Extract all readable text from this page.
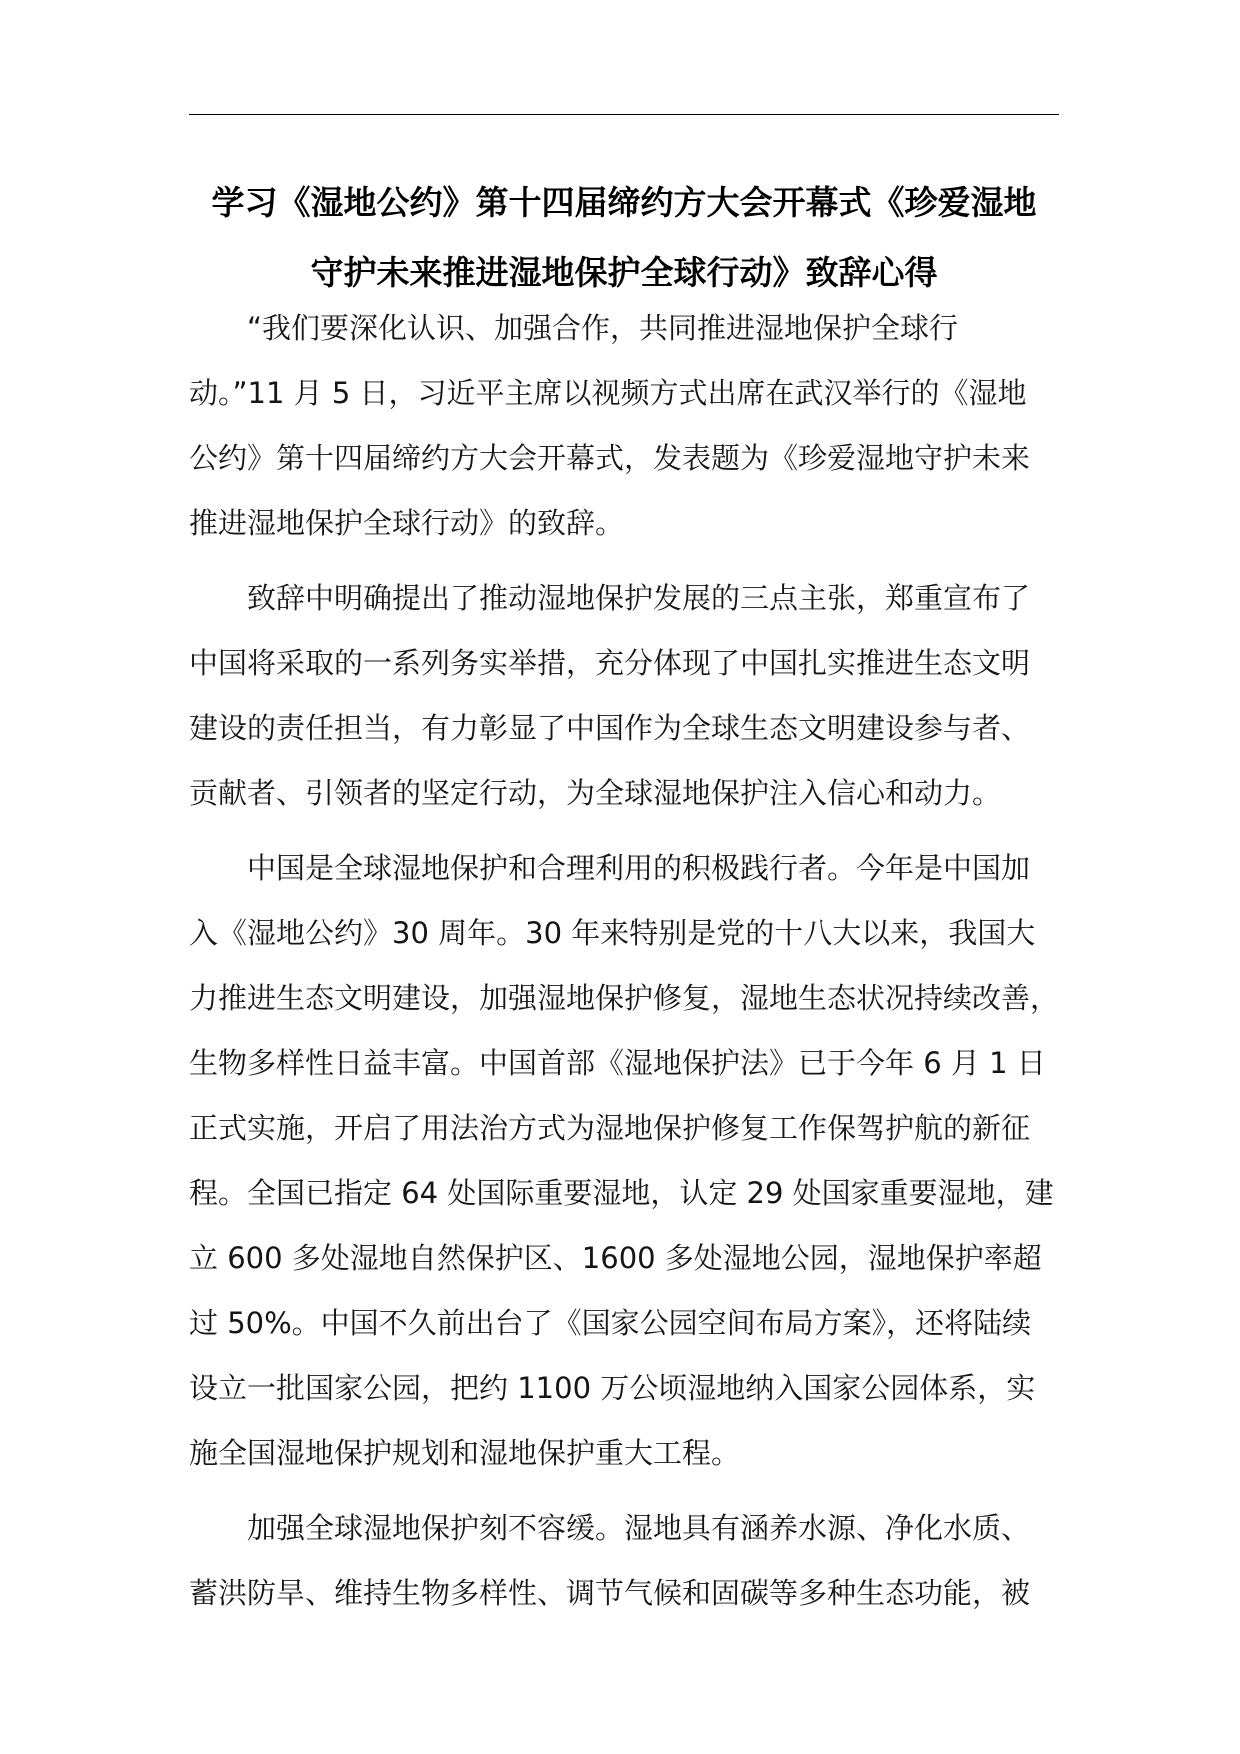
学习《湿地公约》第十四届缔约方大会开幕式《珍爱湿地
守护未来推进湿地保护全球行动》致辞心得
“我们要深化认识、加强合作，共同推进湿地保护全球行
动。”11 月 5 日，习近平主席以视频方式出席在武汉举行的《湿地
公约》第十四届缔约方大会开幕式，发表题为《珍爱湿地守护未来
推进湿地保护全球行动》的致辞。
致辞中明确提出了推动湿地保护发展的三点主张，郑重宣布了
中国将采取的一系列务实举措，充分体现了中国扎实推进生态文明
建设的责任担当，有力彰显了中国作为全球生态文明建设参与者、
贡献者、引领者的坚定行动，为全球湿地保护注入信心和动力。
中国是全球湿地保护和合理利用的积极践行者。今年是中国加
入《湿地公约》30 周年。30 年来特别是党的十八大以来，我国大
力推进生态文明建设，加强湿地保护修复，湿地生态状况持续改善，
生物多样性日益丰富。中国首部《湿地保护法》已于今年 6 月 1 日
正式实施，开启了用法治方式为湿地保护修复工作保驾护航的新征
程。全国已指定 64 处国际重要湿地，认定 29 处国家重要湿地，建
立 600 多处湿地自然保护区、1600 多处湿地公园，湿地保护率超
过 50%。中国不久前出台了《国家公园空间布局方案》，还将陆续
设立一批国家公园，把约 1100 万公顷湿地纳入国家公园体系，实
施全国湿地保护规划和湿地保护重大工程。
加强全球湿地保护刻不容缓。湿地具有涵养水源、净化水质、
蓄洪防旱、维持生物多样性、调节气候和固碳等多种生态功能，被
